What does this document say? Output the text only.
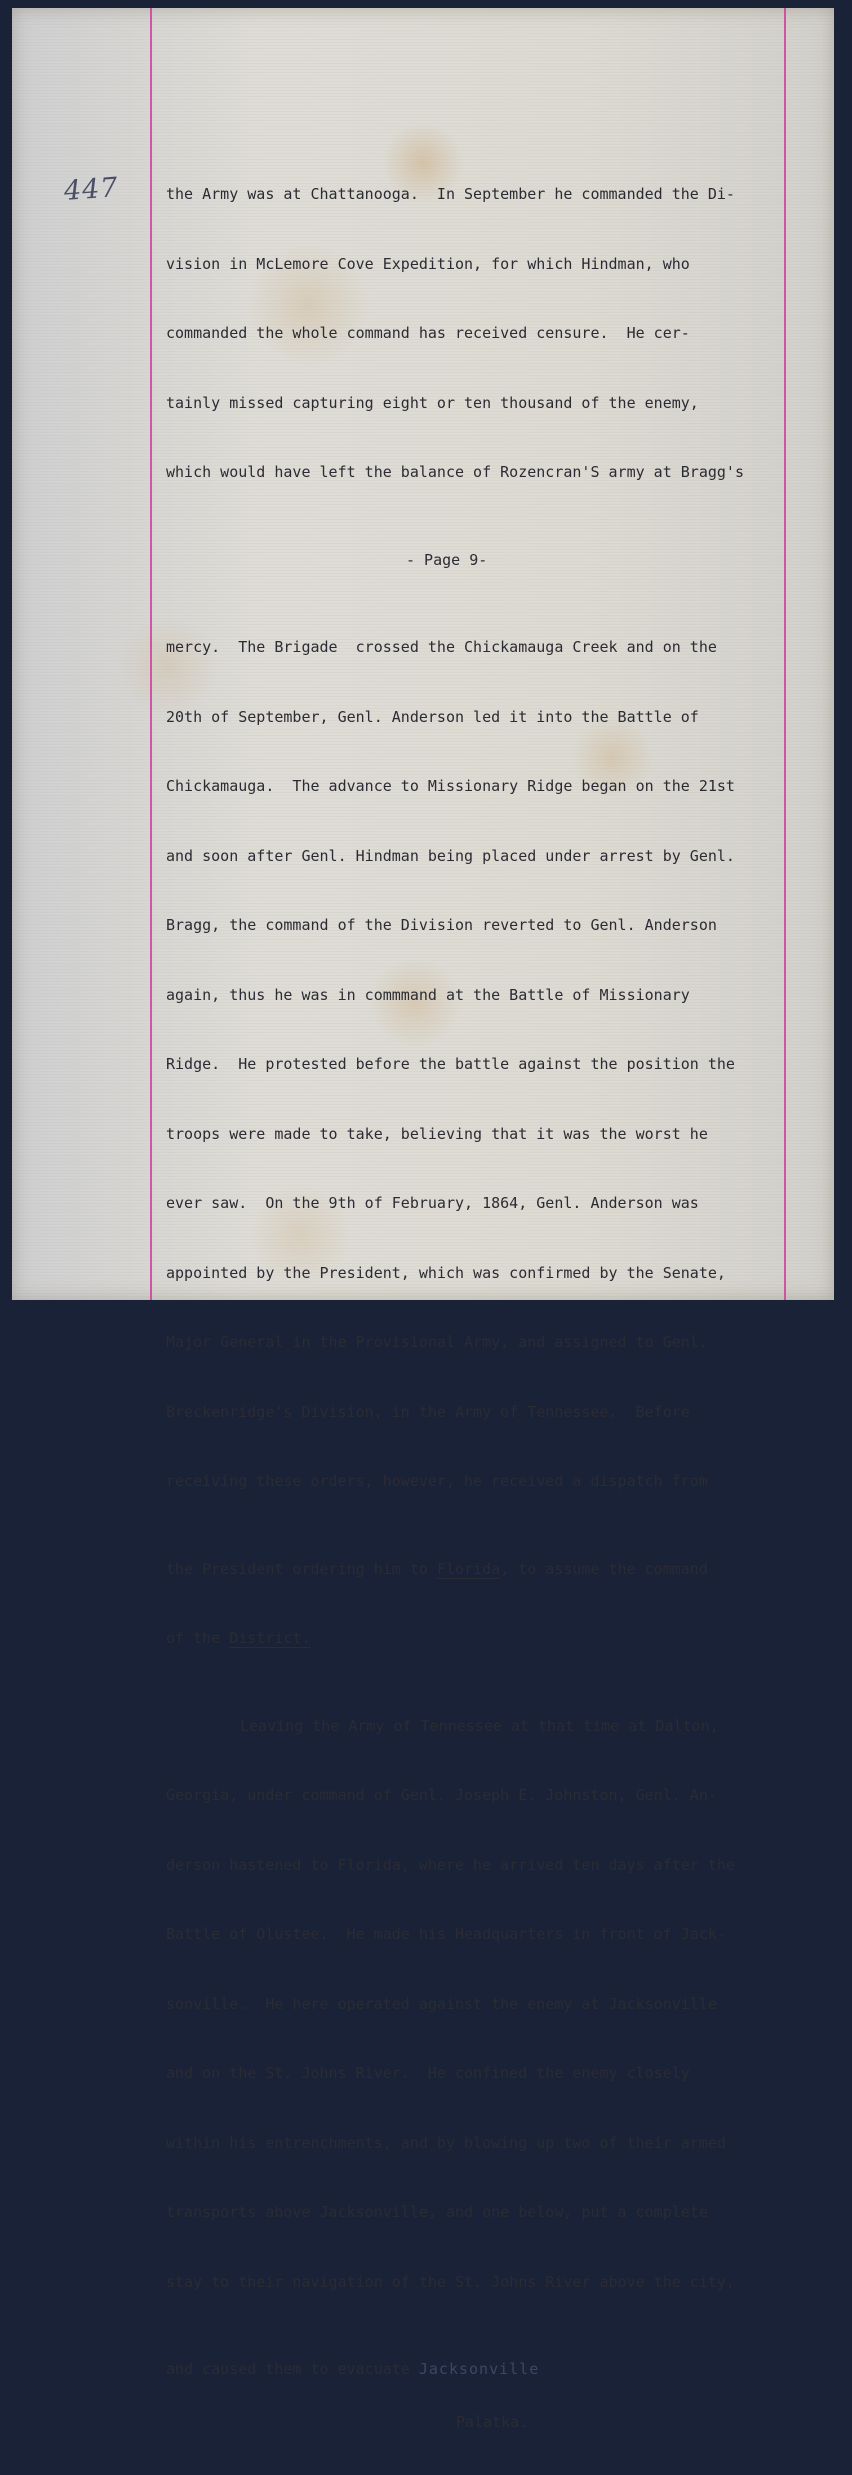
447

	the Army was at Chattanooga.  In September he commanded the Di-

vision in McLemore Cove Expedition, for which Hindman, who

commanded the whole command has received censure.  He cer-

tainly missed capturing eight or ten thousand of the enemy,

which would have left the balance of Rozencran'S army at Bragg's

- Page 9-

mercy.  The Brigade  crossed the Chickamauga Creek and on the

20th of September, Genl. Anderson led it into the Battle of

Chickamauga.  The advance to Missionary Ridge began on the 21st

and soon after Genl. Hindman being placed under arrest by Genl.

Bragg, the command of the Division reverted to Genl. Anderson

again, thus he was in commmand at the Battle of Missionary

Ridge.  He protested before the battle against the position the

troops were made to take, believing that it was the worst he

ever saw.  On the 9th of February, 1864, Genl. Anderson was

appointed by the President, which was confirmed by the Senate,

Major General in the Provisional Army, and assigned to Genl.

Breckenridge's Division, in the Army of Tennessee.  Before

receiving these orders, however, he received a dispatch from

the President ordering him to Florida, to assume the command

of the District.

Leaving the Army of Tennessee at that time at Dalton,

Georgia, under command of Genl. Joseph E. Johnston, Genl. An-

derson hastened to Florida, where he arrived ten days after the

Battle of Olustee.  He made his Headquarters in front of Jack-

sonville.  He here operated against the enemy at Jacksonville

and on the St. Johns River.  He confined the enemy closely

within his entrenchments, and by blowing up two of their armed

transports above Jacksonville, and one below, put a complete

stay to their navigation of the St. Johns River above the city,

and caused them to evacuate Jacksonville

Palatka.
